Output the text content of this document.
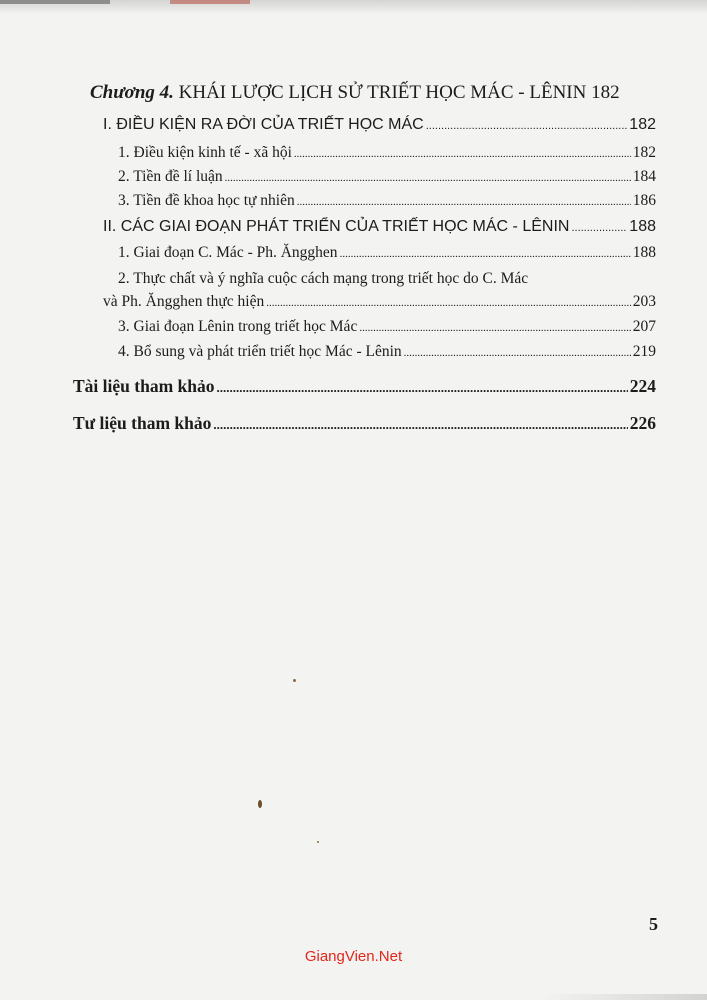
Chương 4. KHÁI LƯỢC LỊCH SỬ TRIẾT HỌC MÁC - LÊNIN 182
I. ĐIỀU KIỆN RA ĐỜI CỦA TRIẾT HỌC MÁC .....	182
1. Điều kiện kinh tế - xã hội .....	182
2. Tiền đề lí luận .....	184
3. Tiền đề khoa học tự nhiên .....	186
II. CÁC GIAI ĐOẠN PHÁT TRIỂN CỦA TRIẾT HỌC MÁC - LÊNIN .....	188
1. Giai đoạn C. Mác - Ph. Ăngghen .....	188
2. Thực chất và ý nghĩa cuộc cách mạng trong triết học do C. Mác
và Ph. Ăngghen thực hiện .....	203
3. Giai đoạn Lênin trong triết học Mác .....	207
4. Bổ sung và phát triển triết học Mác - Lênin .....	219
Tài liệu tham khảo .....	224
Tư liệu tham khảo .....	226
5
GiangVien.Net
